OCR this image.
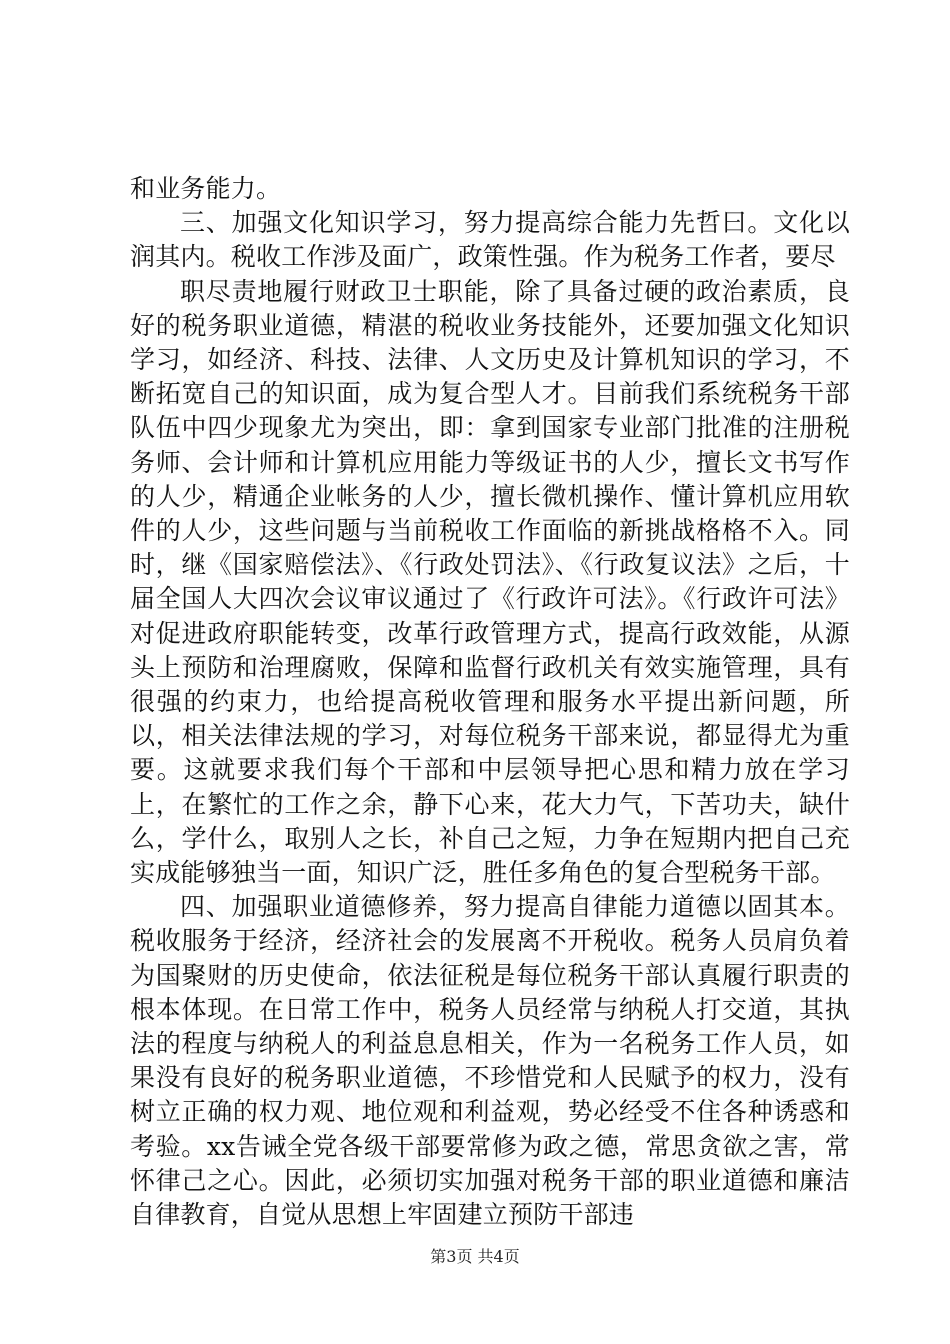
和业务能力。

三、加强文化知识学习，努力提高综合能力先哲曰。文化以润其内。税收工作涉及面广，政策性强。作为税务工作者，要尽

职尽责地履行财政卫士职能，除了具备过硬的政治素质，良好的税务职业道德，精湛的税收业务技能外，还要加强文化知识学习，如经济、科技、法律、人文历史及计算机知识的学习，不断拓宽自己的知识面，成为复合型人才。目前我们系统税务干部队伍中四少现象尤为突出，即：拿到国家专业部门批准的注册税务师、会计师和计算机应用能力等级证书的人少，擅长文书写作的人少，精通企业帐务的人少，擅长微机操作、懂计算机应用软件的人少，这些问题与当前税收工作面临的新挑战格格不入。同时，继《国家赔偿法》、《行政处罚法》、《行政复议法》之后，十届全国人大四次会议审议通过了《行政许可法》。《行政许可法》对促进政府职能转变，改革行政管理方式，提高行政效能，从源头上预防和治理腐败，保障和监督行政机关有效实施管理，具有很强的约束力，也给提高税收管理和服务水平提出新问题，所以，相关法律法规的学习，对每位税务干部来说，都显得尤为重要。这就要求我们每个干部和中层领导把心思和精力放在学习上，在繁忙的工作之余，静下心来，花大力气，下苦功夫，缺什么，学什么，取别人之长，补自己之短，力争在短期内把自己充实成能够独当一面，知识广泛，胜任多角色的复合型税务干部。

四、加强职业道德修养，努力提高自律能力道德以固其本。税收服务于经济，经济社会的发展离不开税收。税务人员肩负着为国聚财的历史使命，依法征税是每位税务干部认真履行职责的根本体现。在日常工作中，税务人员经常与纳税人打交道，其执法的程度与纳税人的利益息息相关，作为一名税务工作人员，如果没有良好的税务职业道德，不珍惜党和人民赋予的权力，没有树立正确的权力观、地位观和利益观，势必经受不住各种诱惑和考验。xx告诫全党各级干部要常修为政之德，常思贪欲之害，常怀律己之心。因此，必须切实加强对税务干部的职业道德和廉洁自律教育，自觉从思想上牢固建立预防干部违

第3页 共4页
